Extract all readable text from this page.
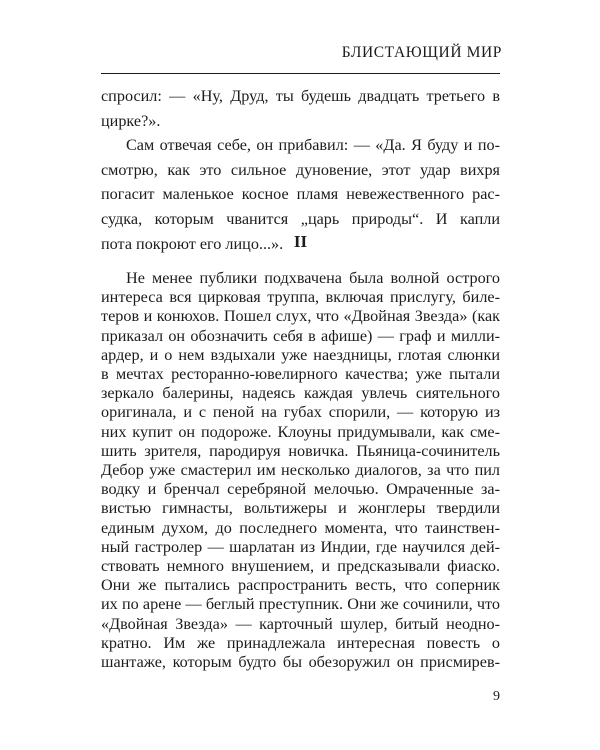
БЛИСТАЮЩИЙ МИР
II
9
спросил: — «Ну, Друд, ты будешь двадцать третьего в
цирке?».
Сам отвечая себе, он прибавил: — «Да. Я буду и по-
смотрю, как это сильное дуновение, этот удар вихря
погасит маленькое косное пламя невежественного рас-
судка, которым чванится „царь природы“. И капли
пота покроют его лицо...».
Не менее публики подхвачена была волной острого
интереса вся цирковая труппа, включая прислугу, биле-
теров и конюхов. Пошел слух, что «Двойная Звезда» (как
приказал он обозначить себя в афише) — граф и милли-
ардер, и о нем вздыхали уже наездницы, глотая слюнки
в мечтах ресторанно-ювелирного качества; уже пытали
зеркало балерины, надеясь каждая увлечь сиятельного
оригинала, и с пеной на губах спорили, — которую из
них купит он подороже. Клоуны придумывали, как сме-
шить зрителя, пародируя новичка. Пьяница-сочинитель
Дебор уже смастерил им несколько диалогов, за что пил
водку и бренчал серебряной мелочью. Омраченные за-
вистью гимнасты, вольтижеры и жонглеры твердили
единым духом, до последнего момента, что таинствен-
ный гастролер — шарлатан из Индии, где научился дей-
ствовать немного внушением, и предсказывали фиаско.
Они же пытались распространить весть, что соперник
их по арене — беглый преступник. Они же сочинили, что
«Двойная Звезда» — карточный шулер, битый неодно-
кратно. Им же принадлежала интересная повесть о
шантаже, которым будто бы обезоружил он присмирев-
